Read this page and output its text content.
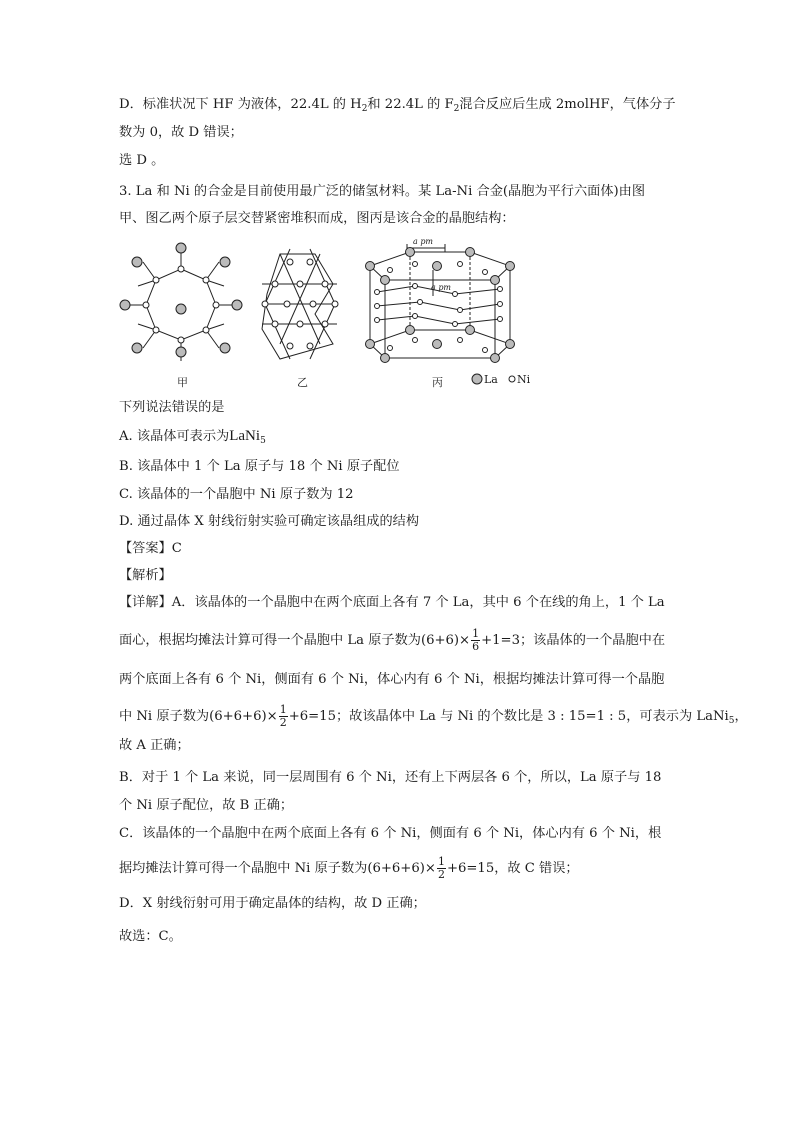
D．标准状况下 HF 为液体，22.4L 的 $H_2$和 22.4L 的 $F_2$混合反应后生成 2molHF，气体分子
数为 0，故 D 错误；
选 D 。
3. La 和 Ni 的合金是目前使用最广泛的储氢材料。某 La-Ni 合金(晶胞为平行六面体)由图
甲、图乙两个原子层交替紧密堆积而成，图丙是该合金的晶胞结构：
a pm
a pm
甲	乙	丙	La Ni
下列说法错误的是
A. 该晶体可表示为LaNi$_5$
B. 该晶体中 1 个 La 原子与 18 个 Ni 原子配位
C. 该晶体的一个晶胞中 Ni 原子数为 12
D. 通过晶体 X 射线衍射实验可确定该晶组成的结构
【答案】C
【解析】
【详解】A．该晶体的一个晶胞中在两个底面上各有 7 个 La，其中 6 个在线的角上，1 个 La
面心，根据均摊法计算可得一个晶胞中 La 原子数为$(6+6)\times \frac{1}{6} +1=3$；该晶体的一个晶胞中在
两个底面上各有 6 个 Ni，侧面有 6 个 Ni，体心内有 6 个 Ni，根据均摊法计算可得一个晶胞
中 Ni 原子数为$(6+6+6)\times \frac{1}{2} +6=15$；故该晶体中 La 与 Ni 的个数比是 3 : 15=1 : 5，可表示为 LaNi$_5$，
故 A 正确；
B．对于 1 个 La 来说，同一层周围有 6 个 Ni，还有上下两层各 6 个，所以，La 原子与 18
个 Ni 原子配位，故 B 正确；
C．该晶体的一个晶胞中在两个底面上各有 6 个 Ni，侧面有 6 个 Ni，体心内有 6 个 Ni，根
据均摊法计算可得一个晶胞中 Ni 原子数为$(6+6+6)\times \frac{1}{2} +6=15$，故 C 错误；
D．X 射线衍射可用于确定晶体的结构，故 D 正确；
故选：C。
